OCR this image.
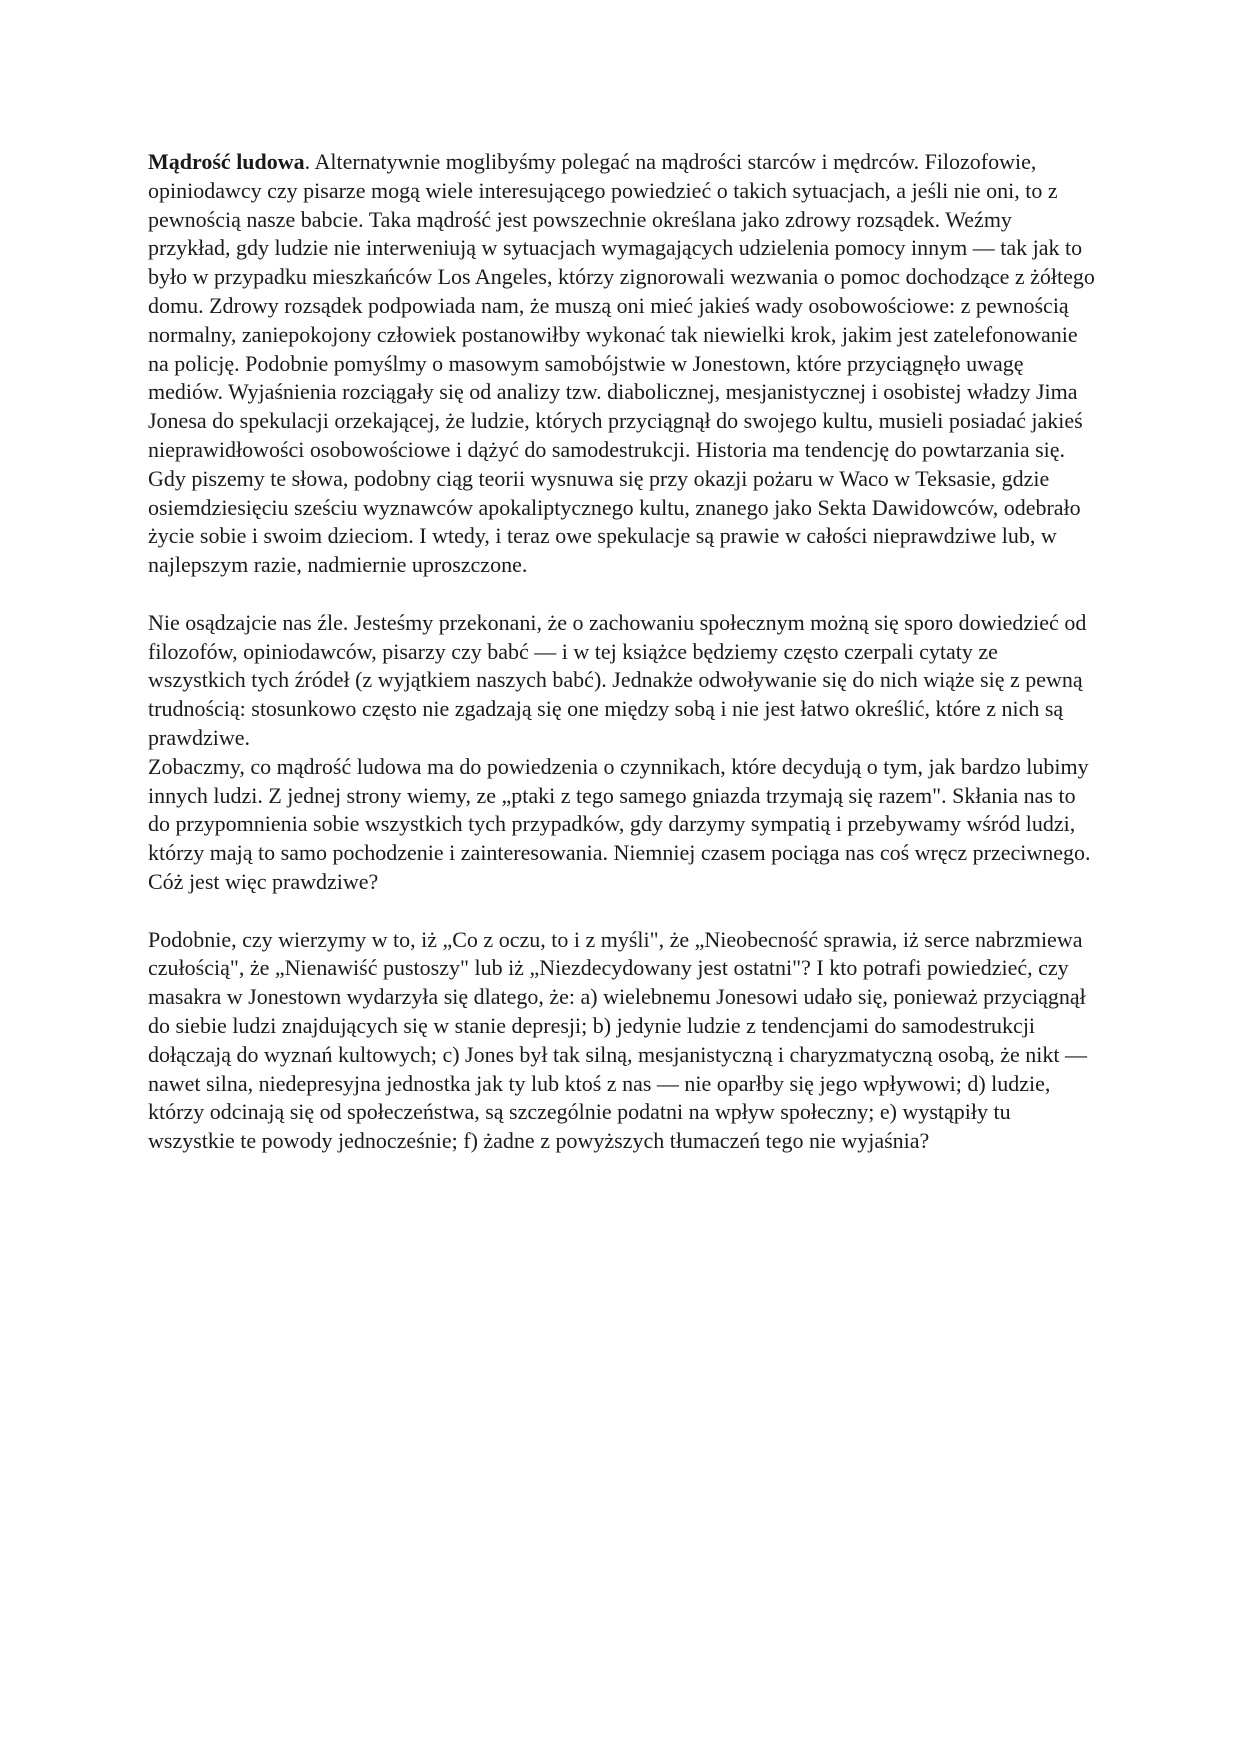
Mądrość ludowa. Alternatywnie moglibyśmy polegać na mądrości starców i mędrców. Filozofowie, opiniodawcy czy pisarze mogą wiele interesującego powiedzieć o takich sytuacjach, a jeśli nie oni, to z pewnością nasze babcie. Taka mądrość jest powszechnie określana jako zdrowy rozsądek. Weźmy przykład, gdy ludzie nie interweniują w sytuacjach wymagających udzielenia pomocy innym — tak jak to było w przypadku mieszkańców Los Angeles, którzy zignorowali wezwania o pomoc dochodzące z żółtego domu. Zdrowy rozsądek podpowiada nam, że muszą oni mieć jakieś wady osobowościowe: z pewnością normalny, zaniepokojony człowiek postanowiłby wykonać tak niewielki krok, jakim jest zatelefonowanie na policję. Podobnie pomyślmy o masowym samobójstwie w Jonestown, które przyciągnęło uwagę mediów. Wyjaśnienia rozciągały się od analizy tzw. diabolicznej, mesjanistycznej i osobistej władzy Jima Jonesa do spekulacji orzekającej, że ludzie, których przyciągnął do swojego kultu, musieli posiadać jakieś nieprawidłowości osobowościowe i dążyć do samodestrukcji. Historia ma tendencję do powtarzania się. Gdy piszemy te słowa, podobny ciąg teorii wysnuwa się przy okazji pożaru w Waco w Teksasie, gdzie osiemdziesięciu sześciu wyznawców apokaliptycznego kultu, znanego jako Sekta Dawidowców, odebrało życie sobie i swoim dzieciom. I wtedy, i teraz owe spekulacje są prawie w całości nieprawdziwe lub, w najlepszym razie, nadmiernie uproszczone.

Nie osądzajcie nas źle. Jesteśmy przekonani, że o zachowaniu społecznym możną się sporo dowiedzieć od filozofów, opiniodawców, pisarzy czy babć — i w tej książce będziemy często czerpali cytaty ze wszystkich tych źródeł (z wyjątkiem naszych babć). Jednakże odwoływanie się do nich wiąże się z pewną trudnością: stosunkowo często nie zgadzają się one między sobą i nie jest łatwo określić, które z nich są prawdziwe.

Zobaczmy, co mądrość ludowa ma do powiedzenia o czynnikach, które decydują o tym, jak bardzo lubimy innych ludzi. Z jednej strony wiemy, ze „ptaki z tego samego gniazda trzymają się razem". Skłania nas to do przypomnienia sobie wszystkich tych przypadków, gdy darzymy sympatią i przebywamy wśród ludzi, którzy mają to samo pochodzenie i zainteresowania. Niemniej czasem pociąga nas coś wręcz przeciwnego. Cóż jest więc prawdziwe?

Podobnie, czy wierzymy w to, iż „Co z oczu, to i z myśli", że „Nieobecność sprawia, iż serce nabrzmiewa czułością", że „Nienawiść pustoszy" lub iż „Niezdecydowany jest ostatni"? I kto potrafi powiedzieć, czy masakra w Jonestown wydarzyła się dlatego, że: a) wielebnemu Jonesowi udało się, ponieważ przyciągnął do siebie ludzi znajdujących się w stanie depresji; b) jedynie ludzie z tendencjami do samodestrukcji dołączają do wyznań kultowych; c) Jones był tak silną, mesjanistyczną i charyzmatyczną osobą, że nikt — nawet silna, niedepresyjna jednostka jak ty lub ktoś z nas — nie oparłby się jego wpływowi; d) ludzie, którzy odcinają się od społeczeństwa, są szczególnie podatni na wpływ społeczny; e) wystąpiły tu wszystkie te powody jednocześnie; f) żadne z powyższych tłumaczeń tego nie wyjaśnia?
